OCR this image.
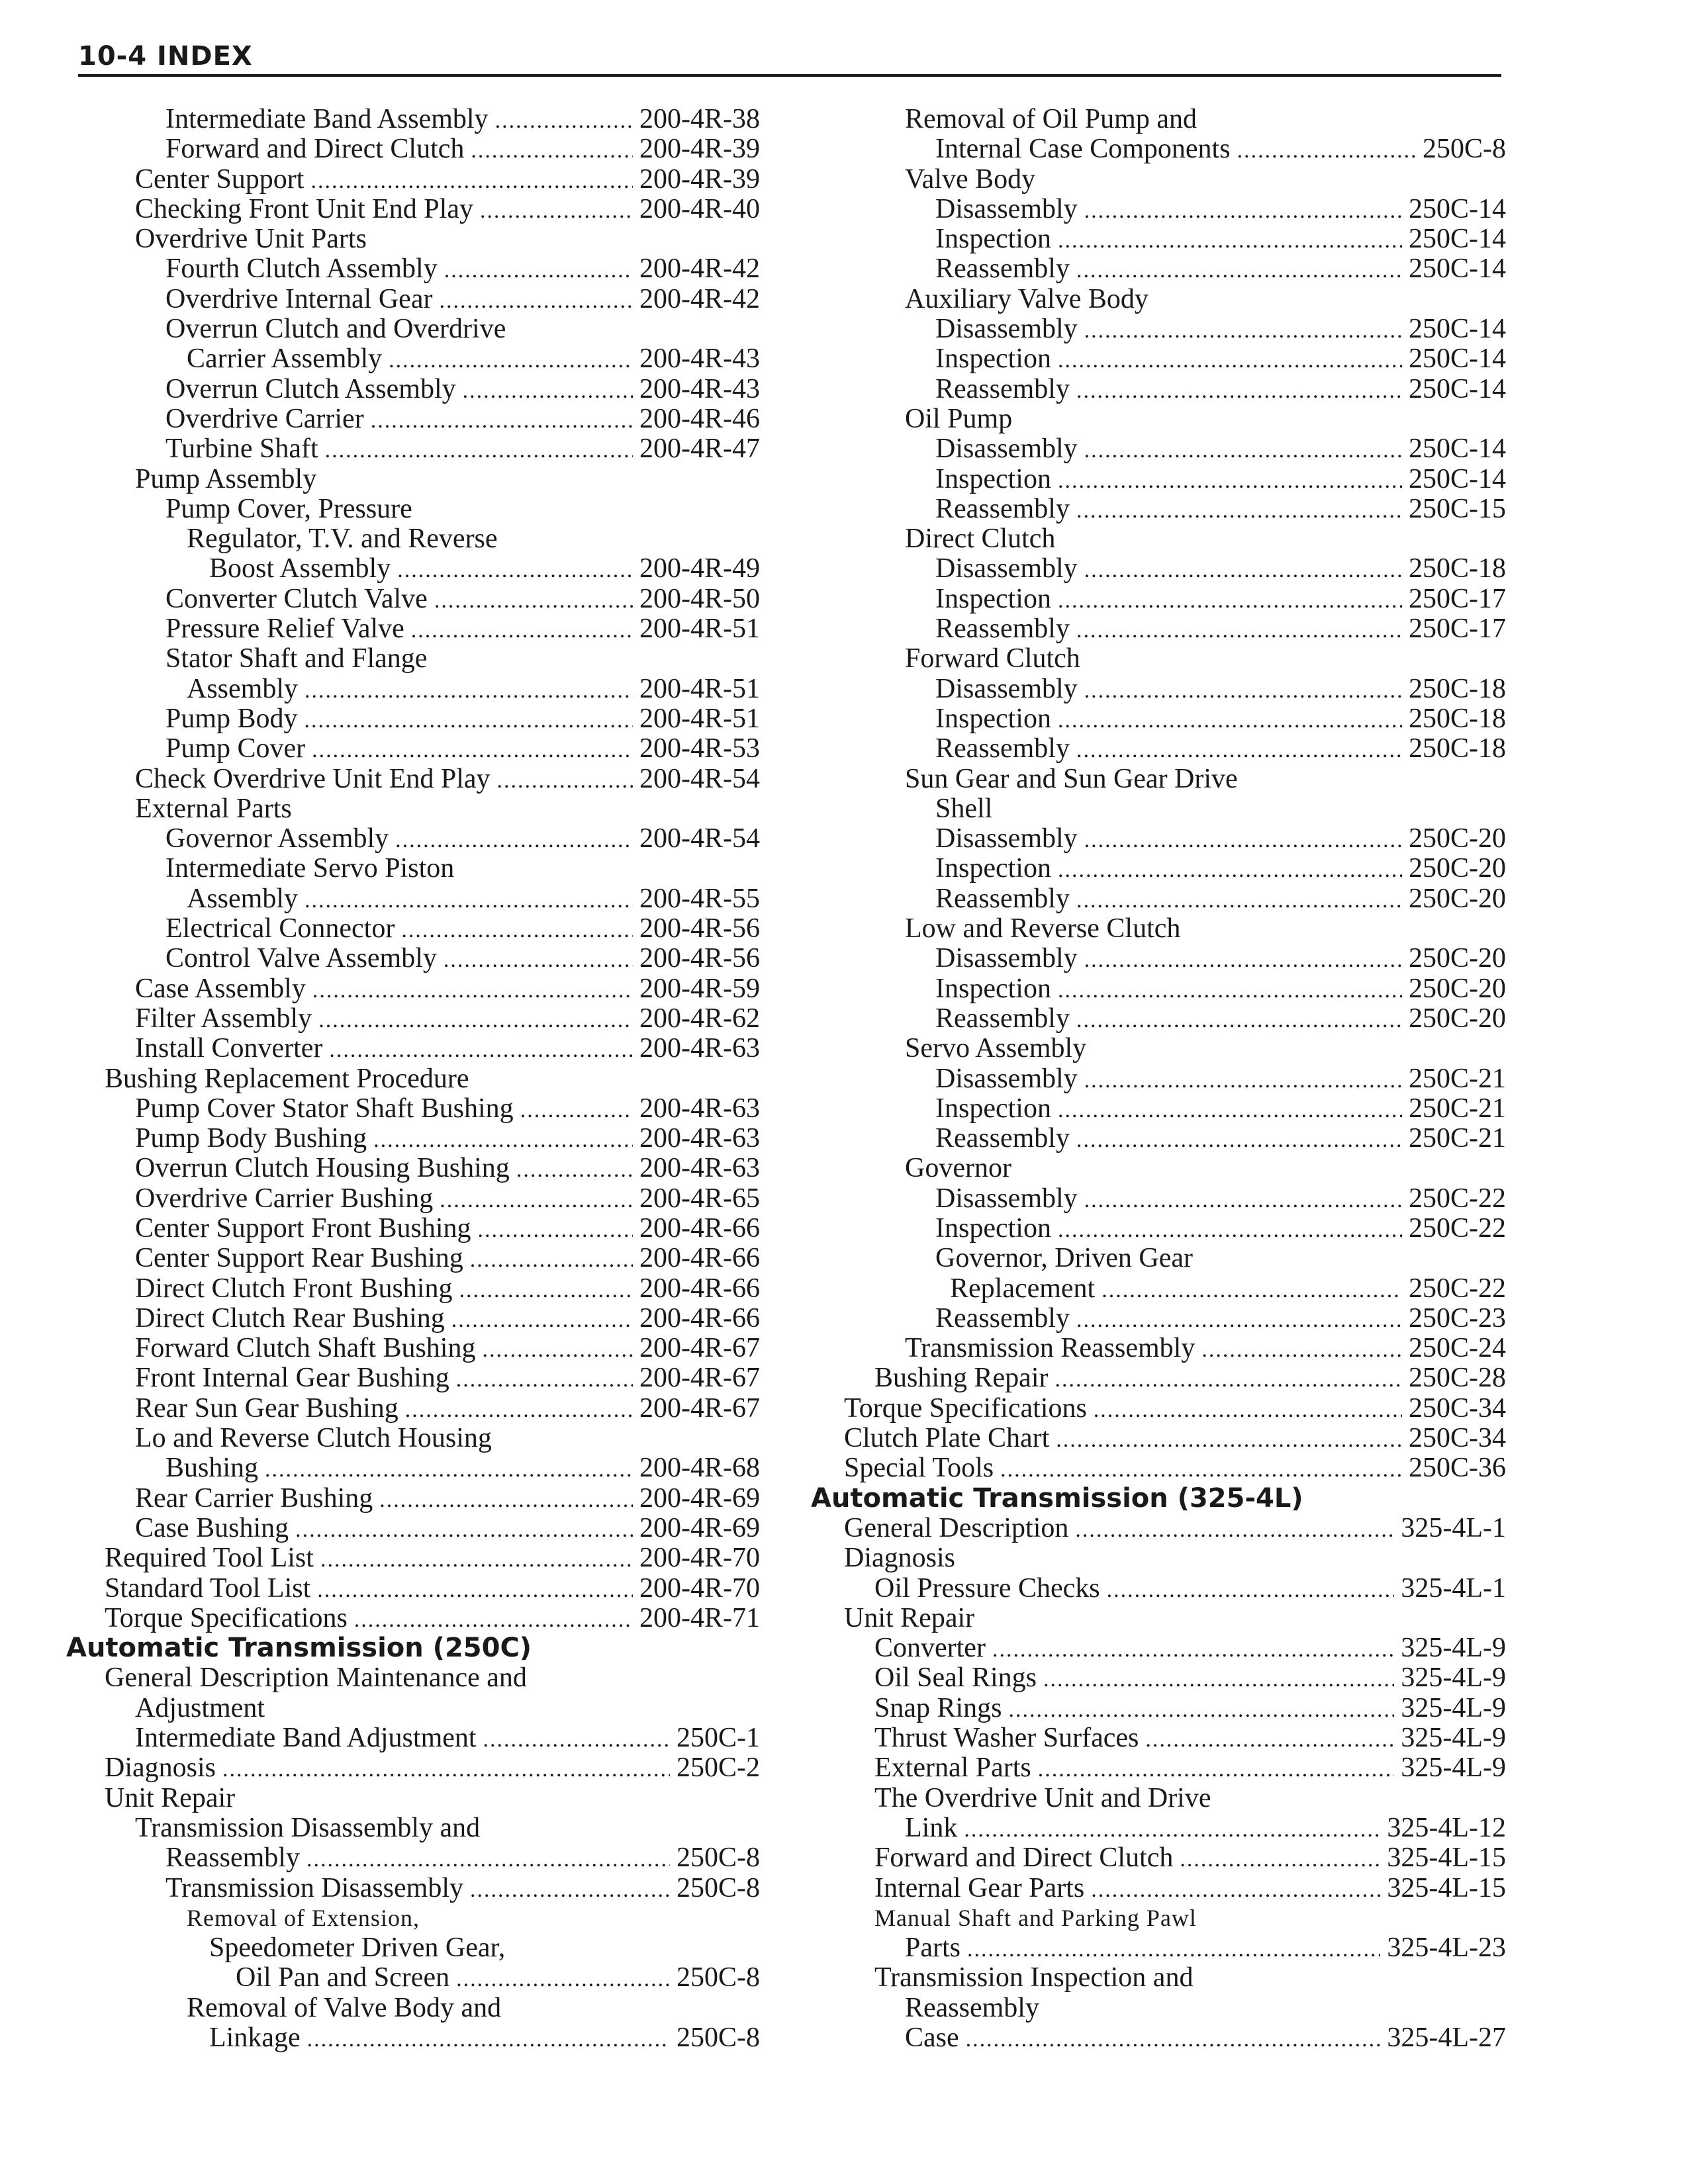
10-4 INDEX
Intermediate Band Assembly .....	200-4R-38
Forward and Direct Clutch .....	200-4R-39
Center Support .....	200-4R-39
Checking Front Unit End Play .....	200-4R-40
Overdrive Unit Parts
Fourth Clutch Assembly .....	200-4R-42
Overdrive Internal Gear .....	200-4R-42
Overrun Clutch and Overdrive
Carrier Assembly .....	200-4R-43
Overrun Clutch Assembly .....	200-4R-43
Overdrive Carrier .....	200-4R-46
Turbine Shaft .....	200-4R-47
Pump Assembly
Pump Cover, Pressure
Regulator, T.V. and Reverse
Boost Assembly .....	200-4R-49
Converter Clutch Valve .....	200-4R-50
Pressure Relief Valve .....	200-4R-51
Stator Shaft and Flange
Assembly .....	200-4R-51
Pump Body .....	200-4R-51
Pump Cover .....	200-4R-53
Check Overdrive Unit End Play .....	200-4R-54
External Parts
Governor Assembly .....	200-4R-54
Intermediate Servo Piston
Assembly .....	200-4R-55
Electrical Connector .....	200-4R-56
Control Valve Assembly .....	200-4R-56
Case Assembly .....	200-4R-59
Filter Assembly .....	200-4R-62
Install Converter .....	200-4R-63
Bushing Replacement Procedure
Pump Cover Stator Shaft Bushing .....	200-4R-63
Pump Body Bushing .....	200-4R-63
Overrun Clutch Housing Bushing .....	200-4R-63
Overdrive Carrier Bushing .....	200-4R-65
Center Support Front Bushing .....	200-4R-66
Center Support Rear Bushing .....	200-4R-66
Direct Clutch Front Bushing .....	200-4R-66
Direct Clutch Rear Bushing .....	200-4R-66
Forward Clutch Shaft Bushing .....	200-4R-67
Front Internal Gear Bushing .....	200-4R-67
Rear Sun Gear Bushing .....	200-4R-67
Lo and Reverse Clutch Housing
Bushing .....	200-4R-68
Rear Carrier Bushing .....	200-4R-69
Case Bushing .....	200-4R-69
Required Tool List .....	200-4R-70
Standard Tool List .....	200-4R-70
Torque Specifications .....	200-4R-71
Automatic Transmission (250C)
General Description Maintenance and
Adjustment
Intermediate Band Adjustment .....	250C-1
Diagnosis .....	250C-2
Unit Repair
Transmission Disassembly and
Reassembly .....	250C-8
Transmission Disassembly .....	250C-8
Removal of Extension,
Speedometer Driven Gear,
Oil Pan and Screen .....	250C-8
Removal of Valve Body and
Linkage .....	250C-8
Removal of Oil Pump and
Internal Case Components .....	250C-8
Valve Body
Disassembly .....	250C-14
Inspection .....	250C-14
Reassembly .....	250C-14
Auxiliary Valve Body
Disassembly .....	250C-14
Inspection .....	250C-14
Reassembly .....	250C-14
Oil Pump
Disassembly .....	250C-14
Inspection .....	250C-14
Reassembly .....	250C-15
Direct Clutch
Disassembly .....	250C-18
Inspection .....	250C-17
Reassembly .....	250C-17
Forward Clutch
Disassembly .....	250C-18
Inspection .....	250C-18
Reassembly .....	250C-18
Sun Gear and Sun Gear Drive
Shell
Disassembly .....	250C-20
Inspection .....	250C-20
Reassembly .....	250C-20
Low and Reverse Clutch
Disassembly .....	250C-20
Inspection .....	250C-20
Reassembly .....	250C-20
Servo Assembly
Disassembly .....	250C-21
Inspection .....	250C-21
Reassembly .....	250C-21
Governor
Disassembly .....	250C-22
Inspection .....	250C-22
Governor, Driven Gear
Replacement .....	250C-22
Reassembly .....	250C-23
Transmission Reassembly .....	250C-24
Bushing Repair .....	250C-28
Torque Specifications .....	250C-34
Clutch Plate Chart .....	250C-34
Special Tools .....	250C-36
Automatic Transmission (325-4L)
General Description .....	325-4L-1
Diagnosis
Oil Pressure Checks .....	325-4L-1
Unit Repair
Converter .....	325-4L-9
Oil Seal Rings .....	325-4L-9
Snap Rings .....	325-4L-9
Thrust Washer Surfaces .....	325-4L-9
External Parts .....	325-4L-9
The Overdrive Unit and Drive
Link .....	325-4L-12
Forward and Direct Clutch .....	325-4L-15
Internal Gear Parts .....	325-4L-15
Manual Shaft and Parking Pawl
Parts .....	325-4L-23
Transmission Inspection and
Reassembly
Case .....	325-4L-27
